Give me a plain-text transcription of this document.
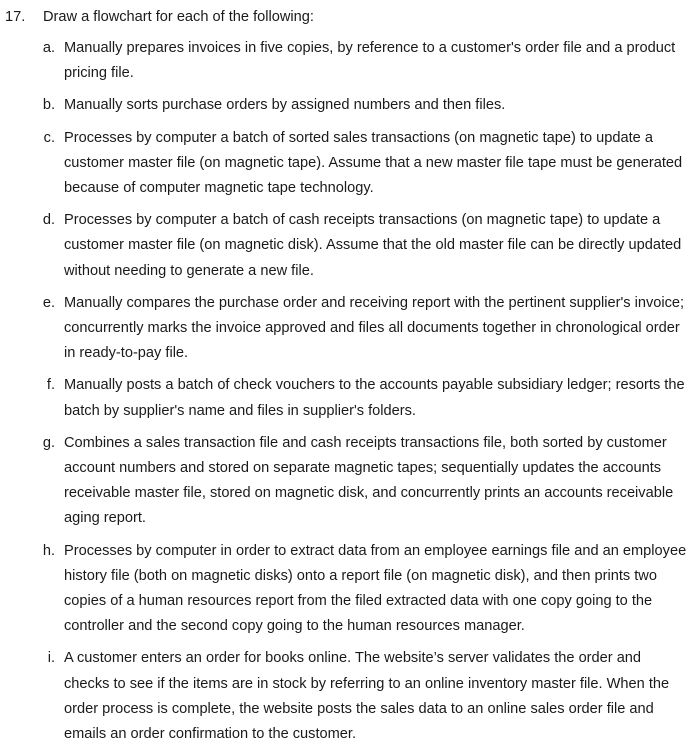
17.	Draw a flowchart for each of the following:
a. Manually prepares invoices in five copies, by reference to a customer's order file and a product pricing file.
b. Manually sorts purchase orders by assigned numbers and then files.
c. Processes by computer a batch of sorted sales transactions (on magnetic tape) to update a customer master file (on magnetic tape). Assume that a new master file tape must be generated because of computer magnetic tape technology.
d. Processes by computer a batch of cash receipts transactions (on magnetic tape) to update a customer master file (on magnetic disk). Assume that the old master file can be directly updated without needing to generate a new file.
e. Manually compares the purchase order and receiving report with the pertinent supplier's invoice; concurrently marks the invoice approved and files all documents together in chronological order in ready-to-pay file.
f. Manually posts a batch of check vouchers to the accounts payable subsidiary ledger; resorts the batch by supplier's name and files in supplier's folders.
g. Combines a sales transaction file and cash receipts transactions file, both sorted by customer account numbers and stored on separate magnetic tapes; sequentially updates the accounts receivable master file, stored on magnetic disk, and concurrently prints an accounts receivable aging report.
h. Processes by computer in order to extract data from an employee earnings file and an employee history file (both on magnetic disks) onto a report file (on magnetic disk), and then prints two copies of a human resources report from the filed extracted data with one copy going to the controller and the second copy going to the human resources manager.
i. A customer enters an order for books online. The website’s server validates the order and checks to see if the items are in stock by referring to an online inventory master file. When the order process is complete, the website posts the sales data to an online sales order file and emails an order confirmation to the customer.
